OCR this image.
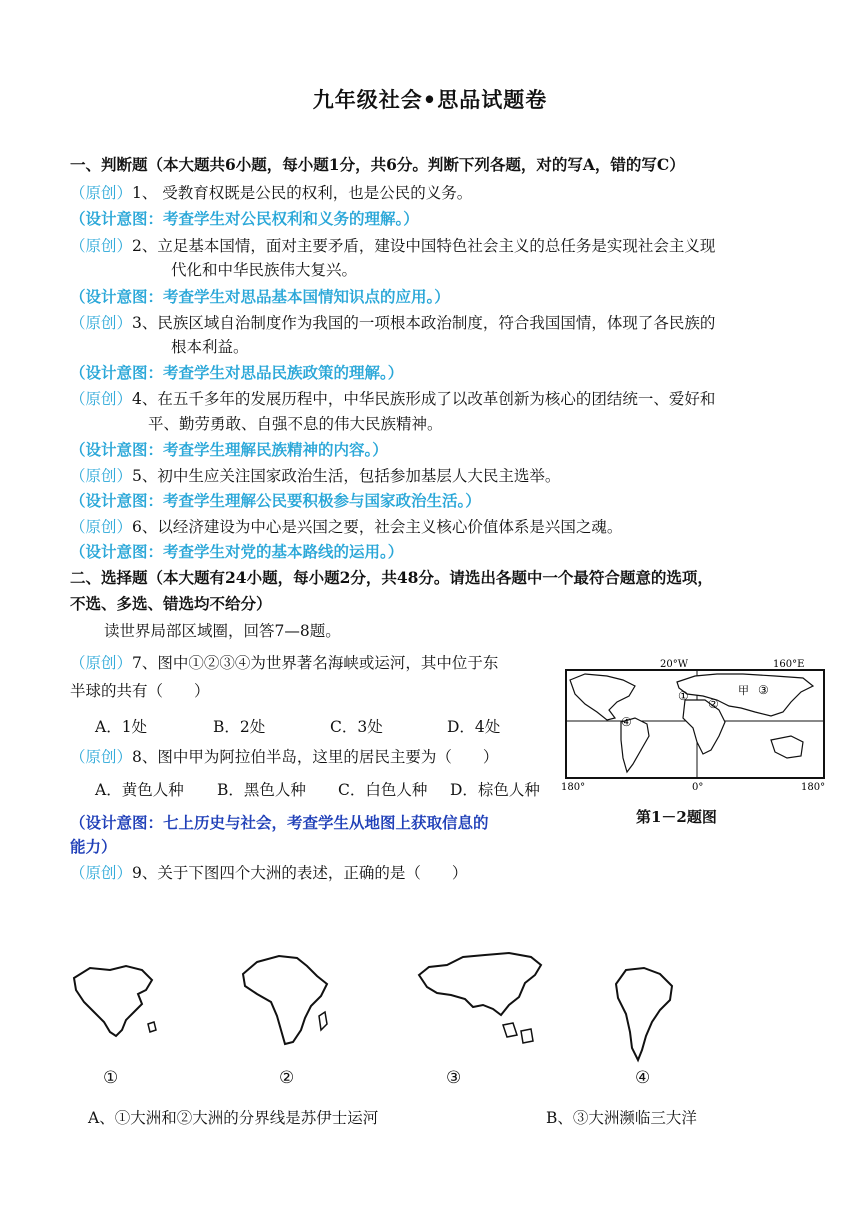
九年级社会•思品试题卷
一、判断题（本大题共6小题，每小题1分，共6分。判断下列各题，对的写A，错的写C）
（原创）1、 受教育权既是公民的权利，也是公民的义务。
（设计意图：考查学生对公民权利和义务的理解。）
（原创）2、立足基本国情，面对主要矛盾，建设中国特色社会主义的总任务是实现社会主义现
代化和中华民族伟大复兴。
（设计意图：考查学生对思品基本国情知识点的应用。）
（原创）3、民族区域自治制度作为我国的一项根本政治制度，符合我国国情，体现了各民族的
根本利益。
（设计意图：考查学生对思品民族政策的理解。）
（原创）4、在五千多年的发展历程中，中华民族形成了以改革创新为核心的团结统一、爱好和
平、勤劳勇敢、自强不息的伟大民族精神。
（设计意图：考查学生理解民族精神的内容。）
（原创）5、初中生应关注国家政治生活，包括参加基层人大民主选举。
（设计意图：考查学生理解公民要积极参与国家政治生活。）
（原创）6、以经济建设为中心是兴国之要，社会主义核心价值体系是兴国之魂。
（设计意图：考查学生对党的基本路线的运用。）
二、选择题（本大题有24小题，每小题2分，共48分。请选出各题中一个最符合题意的选项，
不选、多选、错选均不给分）
读世界局部区域圈，回答7—8题。
（原创）7、图中①②③④为世界著名海峡或运河，其中位于东
半球的共有（　　）
A．1处	B．2处	C．3处	D．4处
（原创）8、图中甲为阿拉伯半岛，这里的居民主要为（　　）
A．黄色人种 B．黑色人种 C．白色人种 D．棕色人种
（设计意图：七上历史与社会，考查学生从地图上获取信息的
能力）
（原创）9、关于下图四个大洲的表述，正确的是（　　）
20°W	160°E
180°	0°	180°
①
②
③
④
甲
第1－2题图
①	②	③	④
A、①大洲和②大洲的分界线是苏伊士运河	B、③大洲濒临三大洋
